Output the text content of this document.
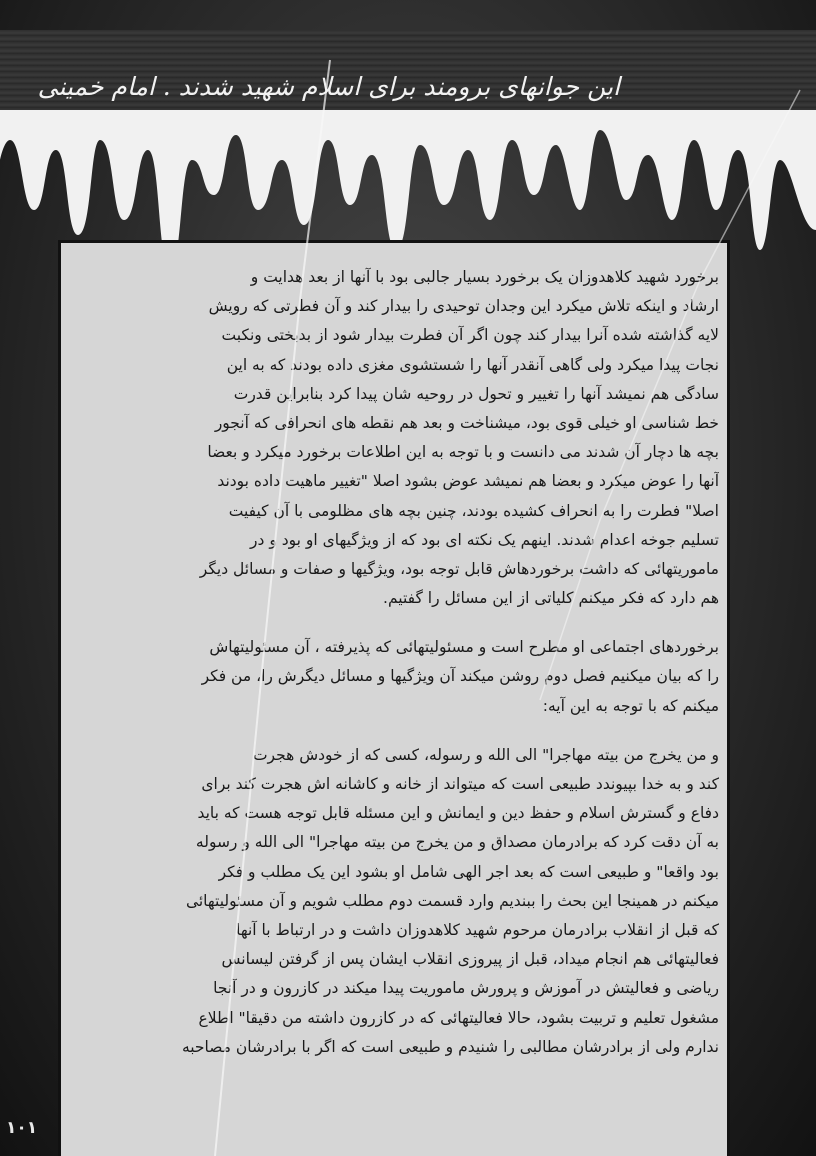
این جوانهای برومند برای اسلام شهید شدند . امام خمینی

برخورد شهید کلاهدوزان یک برخورد بسیار جالبی بود با آنها از بعد هدایت و
ارشاد و اینکه تلاش میکرد این وجدان توحیدی را بیدار کند و آن فطرتی که رویش
لایه گذاشته شده آنرا بیدار کند چون اگر آن فطرت بیدار شود از بدبختی ونکبت
نجات پیدا میکرد ولی گاهی آنقدر آنها را شستشوی مغزی داده بودند که به این
سادگی هم نمیشد آنها را تغییر و تحول در روحیه شان پیدا کرد بنابراین قدرت
خط شناسی او خیلی قوی بود، میشناخت و بعد هم نقطه های انحرافی که آنجور
بچه ها دچار آن شدند می دانست و با توجه به این اطلاعات برخورد میکرد و بعضا
آنها را عوض میکرد و بعضا هم نمیشد عوض بشود اصلا "تغییر ماهیت داده بودند
اصلا" فطرت را به انحراف کشیده بودند، چنین بچه های مظلومی با آن کیفیت
تسلیم جوخه اعدام شدند. اینهم یک نکته ای بود که از ویژگیهای او بود و در
ماموریتهائی که داشت برخوردهاش قابل توجه بود، ویژگیها و صفات و مسائل دیگر
هم دارد که فکر میکنم کلیاتی از این مسائل را گفتیم.

برخوردهای اجتماعی او مطرح است و مسئولیتهائی که پذیرفته ، آن مسئولیتهاش
را که بیان میکنیم فصل دوم روشن میکند آن ویژگیها و مسائل دیگرش را، من فکر
میکنم که با توجه به این آیه:

و من یخرج من بیته مهاجرا" الی الله و رسوله، کسی که از خودش هجرت
کند و به خدا بپیوندد طبیعی است که میتواند از خانه و کاشانه اش هجرت کند برای
دفاع و گسترش اسلام و حفظ دین و ایمانش و این مسئله قابل توجه هست که باید
به آن دقت کرد که برادرمان مصداق و من یخرج من بیته مهاجرا" الی الله و رسوله
بود واقعا" و طبیعی است که بعد اجر الهی شامل او بشود این یک مطلب و فکر
میکنم در همینجا این بحث را ببندیم وارد قسمت دوم مطلب شویم و آن مسئولیتهائی
که قبل از انقلاب برادرمان مرحوم شهید کلاهدوزان داشت و در ارتباط با آنها
فعالیتهائی هم انجام میداد، قبل از پیروزی انقلاب ایشان پس از گرفتن لیسانس
ریاضی و فعالیتش در آموزش و پرورش ماموریت پیدا میکند در کازرون و در آنجا
مشغول تعلیم و تربیت بشود، حالا فعالیتهائی که در کازرون داشته من دقیقا" اطلاع
ندارم ولی از برادرشان مطالبی را شنیدم و طبیعی است که اگر با برادرشان مصاحبه

۱۰۱
